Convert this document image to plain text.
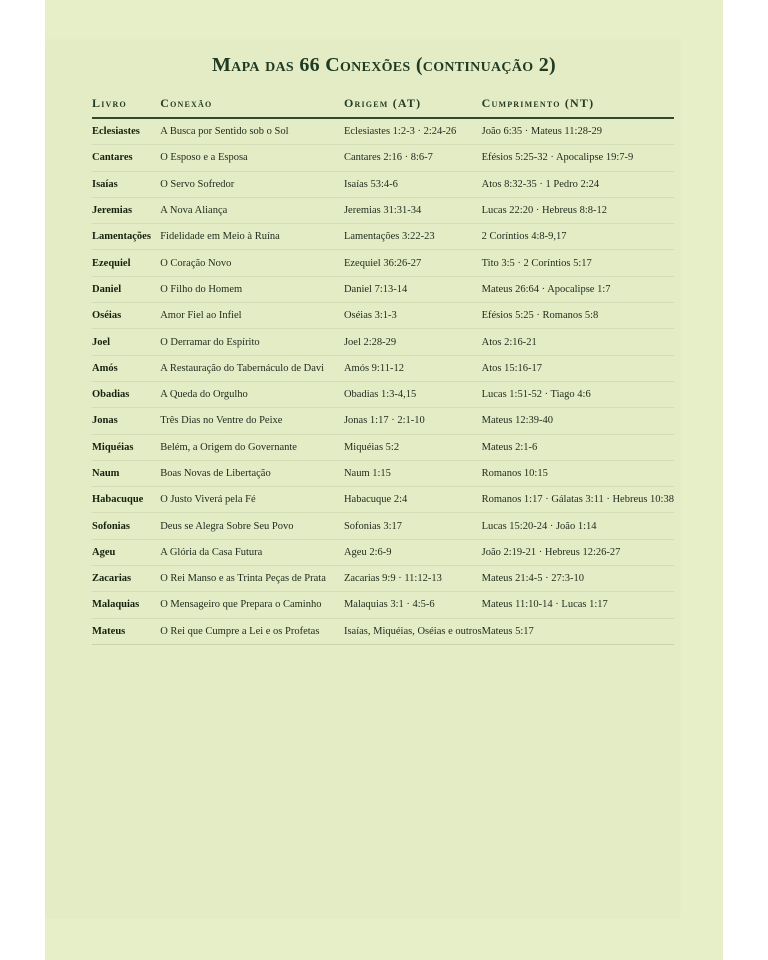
Mapa das 66 Conexões (continuação 2)
Livro	Conexão	Origem (AT)	Cumprimento (NT)
Eclesiastes	A Busca por Sentido sob o Sol	Eclesiastes 1:2-3 · 2:24-26	João 6:35 · Mateus 11:28-29
Cantares	O Esposo e a Esposa	Cantares 2:16 · 8:6-7	Efésios 5:25-32 · Apocalipse 19:7-9
Isaías	O Servo Sofredor	Isaías 53:4-6	Atos 8:32-35 · 1 Pedro 2:24
Jeremias	A Nova Aliança	Jeremias 31:31-34	Lucas 22:20 · Hebreus 8:8-12
Lamentações	Fidelidade em Meio à Ruína	Lamentações 3:22-23	2 Coríntios 4:8-9,17
Ezequiel	O Coração Novo	Ezequiel 36:26-27	Tito 3:5 · 2 Coríntios 5:17
Daniel	O Filho do Homem	Daniel 7:13-14	Mateus 26:64 · Apocalipse 1:7
Oséias	Amor Fiel ao Infiel	Oséias 3:1-3	Efésios 5:25 · Romanos 5:8
Joel	O Derramar do Espírito	Joel 2:28-29	Atos 2:16-21
Amós	A Restauração do Tabernáculo de Davi	Amós 9:11-12	Atos 15:16-17
Obadias	A Queda do Orgulho	Obadias 1:3-4,15	Lucas 1:51-52 · Tiago 4:6
Jonas	Três Dias no Ventre do Peixe	Jonas 1:17 · 2:1-10	Mateus 12:39-40
Miquéias	Belém, a Origem do Governante	Miquéias 5:2	Mateus 2:1-6
Naum	Boas Novas de Libertação	Naum 1:15	Romanos 10:15
Habacuque	O Justo Viverá pela Fé	Habacuque 2:4	Romanos 1:17 · Gálatas 3:11 · Hebreus 10:38
Sofonias	Deus se Alegra Sobre Seu Povo	Sofonias 3:17	Lucas 15:20-24 · João 1:14
Ageu	A Glória da Casa Futura	Ageu 2:6-9	João 2:19-21 · Hebreus 12:26-27
Zacarias	O Rei Manso e as Trinta Peças de Prata	Zacarias 9:9 · 11:12-13	Mateus 21:4-5 · 27:3-10
Malaquias	O Mensageiro que Prepara o Caminho	Malaquias 3:1 · 4:5-6	Mateus 11:10-14 · Lucas 1:17
Mateus	O Rei que Cumpre a Lei e os Profetas	Isaías, Miquéias, Oséias e outros	Mateus 5:17
